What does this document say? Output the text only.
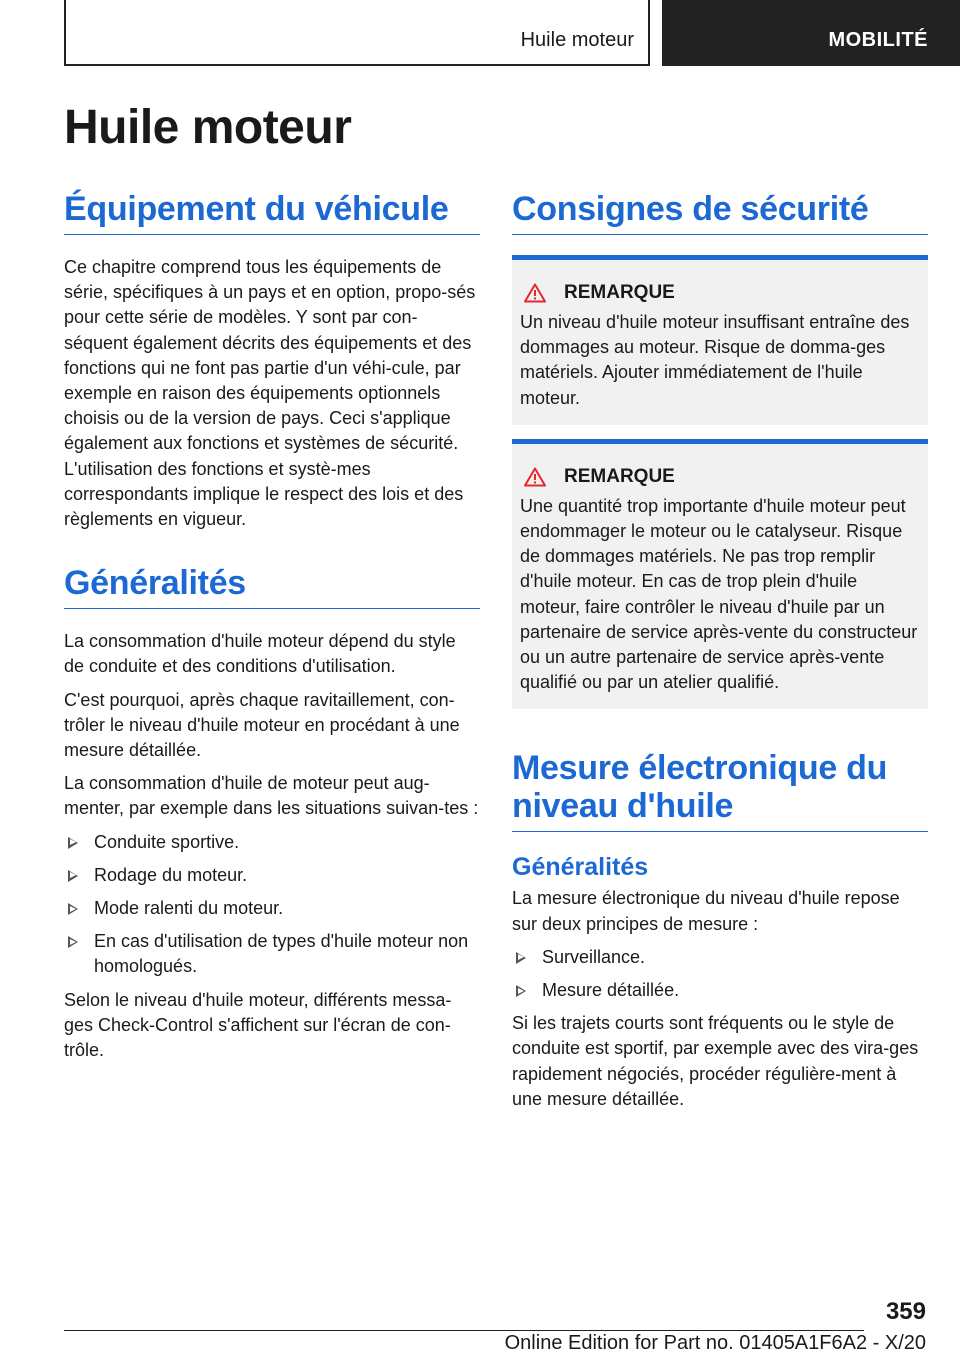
Huile moteur	MOBILITÉ
Huile moteur
Équipement du véhicule

Ce chapitre comprend tous les équipements de série, spécifiques à un pays et en option, propo-sés pour cette série de modèles. Y sont par con-séquent également décrits des équipements et des fonctions qui ne font pas partie d'un véhi-cule, par exemple en raison des équipements optionnels choisis ou de la version de pays. Ceci s'applique également aux fonctions et systèmes de sécurité. L'utilisation des fonctions et systè-mes correspondants implique le respect des lois et des règlements en vigueur.

Généralités

La consommation d'huile moteur dépend du style de conduite et des conditions d'utilisation.

C'est pourquoi, après chaque ravitaillement, con-trôler le niveau d'huile moteur en procédant à une mesure détaillée.

La consommation d'huile de moteur peut aug-menter, par exemple dans les situations suivan-tes :

Conduite sportive.
Rodage du moteur.
Mode ralenti du moteur.
En cas d'utilisation de types d'huile moteur non homologués.

Selon le niveau d'huile moteur, différents messa-ges Check-Control s'affichent sur l'écran de con-trôle.

Consignes de sécurité
REMARQUE

Un niveau d'huile moteur insuffisant entraîne des dommages au moteur. Risque de domma-ges matériels. Ajouter immédiatement de l'huile moteur.

REMARQUE

Une quantité trop importante d'huile moteur peut endommager le moteur ou le catalyseur. Risque de dommages matériels. Ne pas trop remplir d'huile moteur. En cas de trop plein d'huile moteur, faire contrôler le niveau d'huile par un partenaire de service après-vente du constructeur ou un autre partenaire de service après-vente qualifié ou par un atelier qualifié.

Mesure électronique du niveau d'huile
Généralités

La mesure électronique du niveau d'huile repose sur deux principes de mesure :

Surveillance.
Mesure détaillée.

Si les trajets courts sont fréquents ou le style de conduite est sportif, par exemple avec des vira-ges rapidement négociés, procéder régulière-ment à une mesure détaillée.

359
Online Edition for Part no. 01405A1F6A2 - X/20
